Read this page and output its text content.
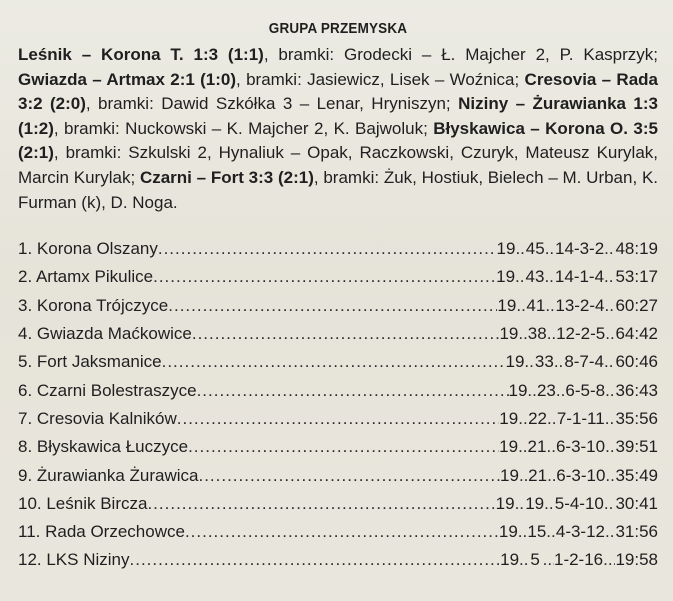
GRUPA PRZEMYSKA

Leśnik – Korona T. 1:3 (1:1), bramki: Grodecki – Ł. Majcher 2, P. Kasprzyk; Gwiazda – Artmax 2:1 (1:0), bramki: Jasiewicz, Lisek – Woźnica; Cresovia – Rada 3:2 (2:0), bramki: Dawid Szkółka 3 – Lenar, Hryniszyn; Niziny – Żurawianka 1:3 (1:2), bramki: Nuckowski – K. Majcher 2, K. Bajwoluk; Błyskawica – Korona O. 3:5 (2:1), bramki: Szkulski 2, Hynaliuk – Opak, Raczkowski, Czuryk, Mateusz Kurylak, Marcin Kurylak; Czarni – Fort 3:3 (2:1), bramki: Żuk, Hostiuk, Bielech – M. Urban, K. Furman (k), D. Noga.

1. Korona Olszany .....	19 ..... 45 ..... 14-3-2 ..... 48:19
2. Artamx Pikulice .....	19 ..... 43 ..... 14-1-4 ..... 53:17
3. Korona Trójczyce .....	19 ..... 41 ..... 13-2-4 ..... 60:27
4. Gwiazda Maćkowice .....	19 ..... 38 ..... 12-2-5 ..... 64:42
5. Fort Jaksmanice .....	19 ..... 33 ..... 8-7-4 ..... 60:46
6. Czarni Bolestraszyce .....	19 ..... 23 ..... 6-5-8 ..... 36:43
7. Cresovia Kalników .....	19 ..... 22 ..... 7-1-11 ..... 35:56
8. Błyskawica Łuczyce .....	19 ..... 21 ..... 6-3-10 ..... 39:51
9. Żurawianka Żurawica .....	19 ..... 21 ..... 6-3-10 ..... 35:49
10. Leśnik Bircza .....	19 ..... 19 ..... 5-4-10 ..... 30:41
11. Rada Orzechowce .....	19 ..... 15 ..... 4-3-12 ..... 31:56
12. LKS Niziny .....	19 ..... 5 ..... 1-2-16 ..... 19:58
